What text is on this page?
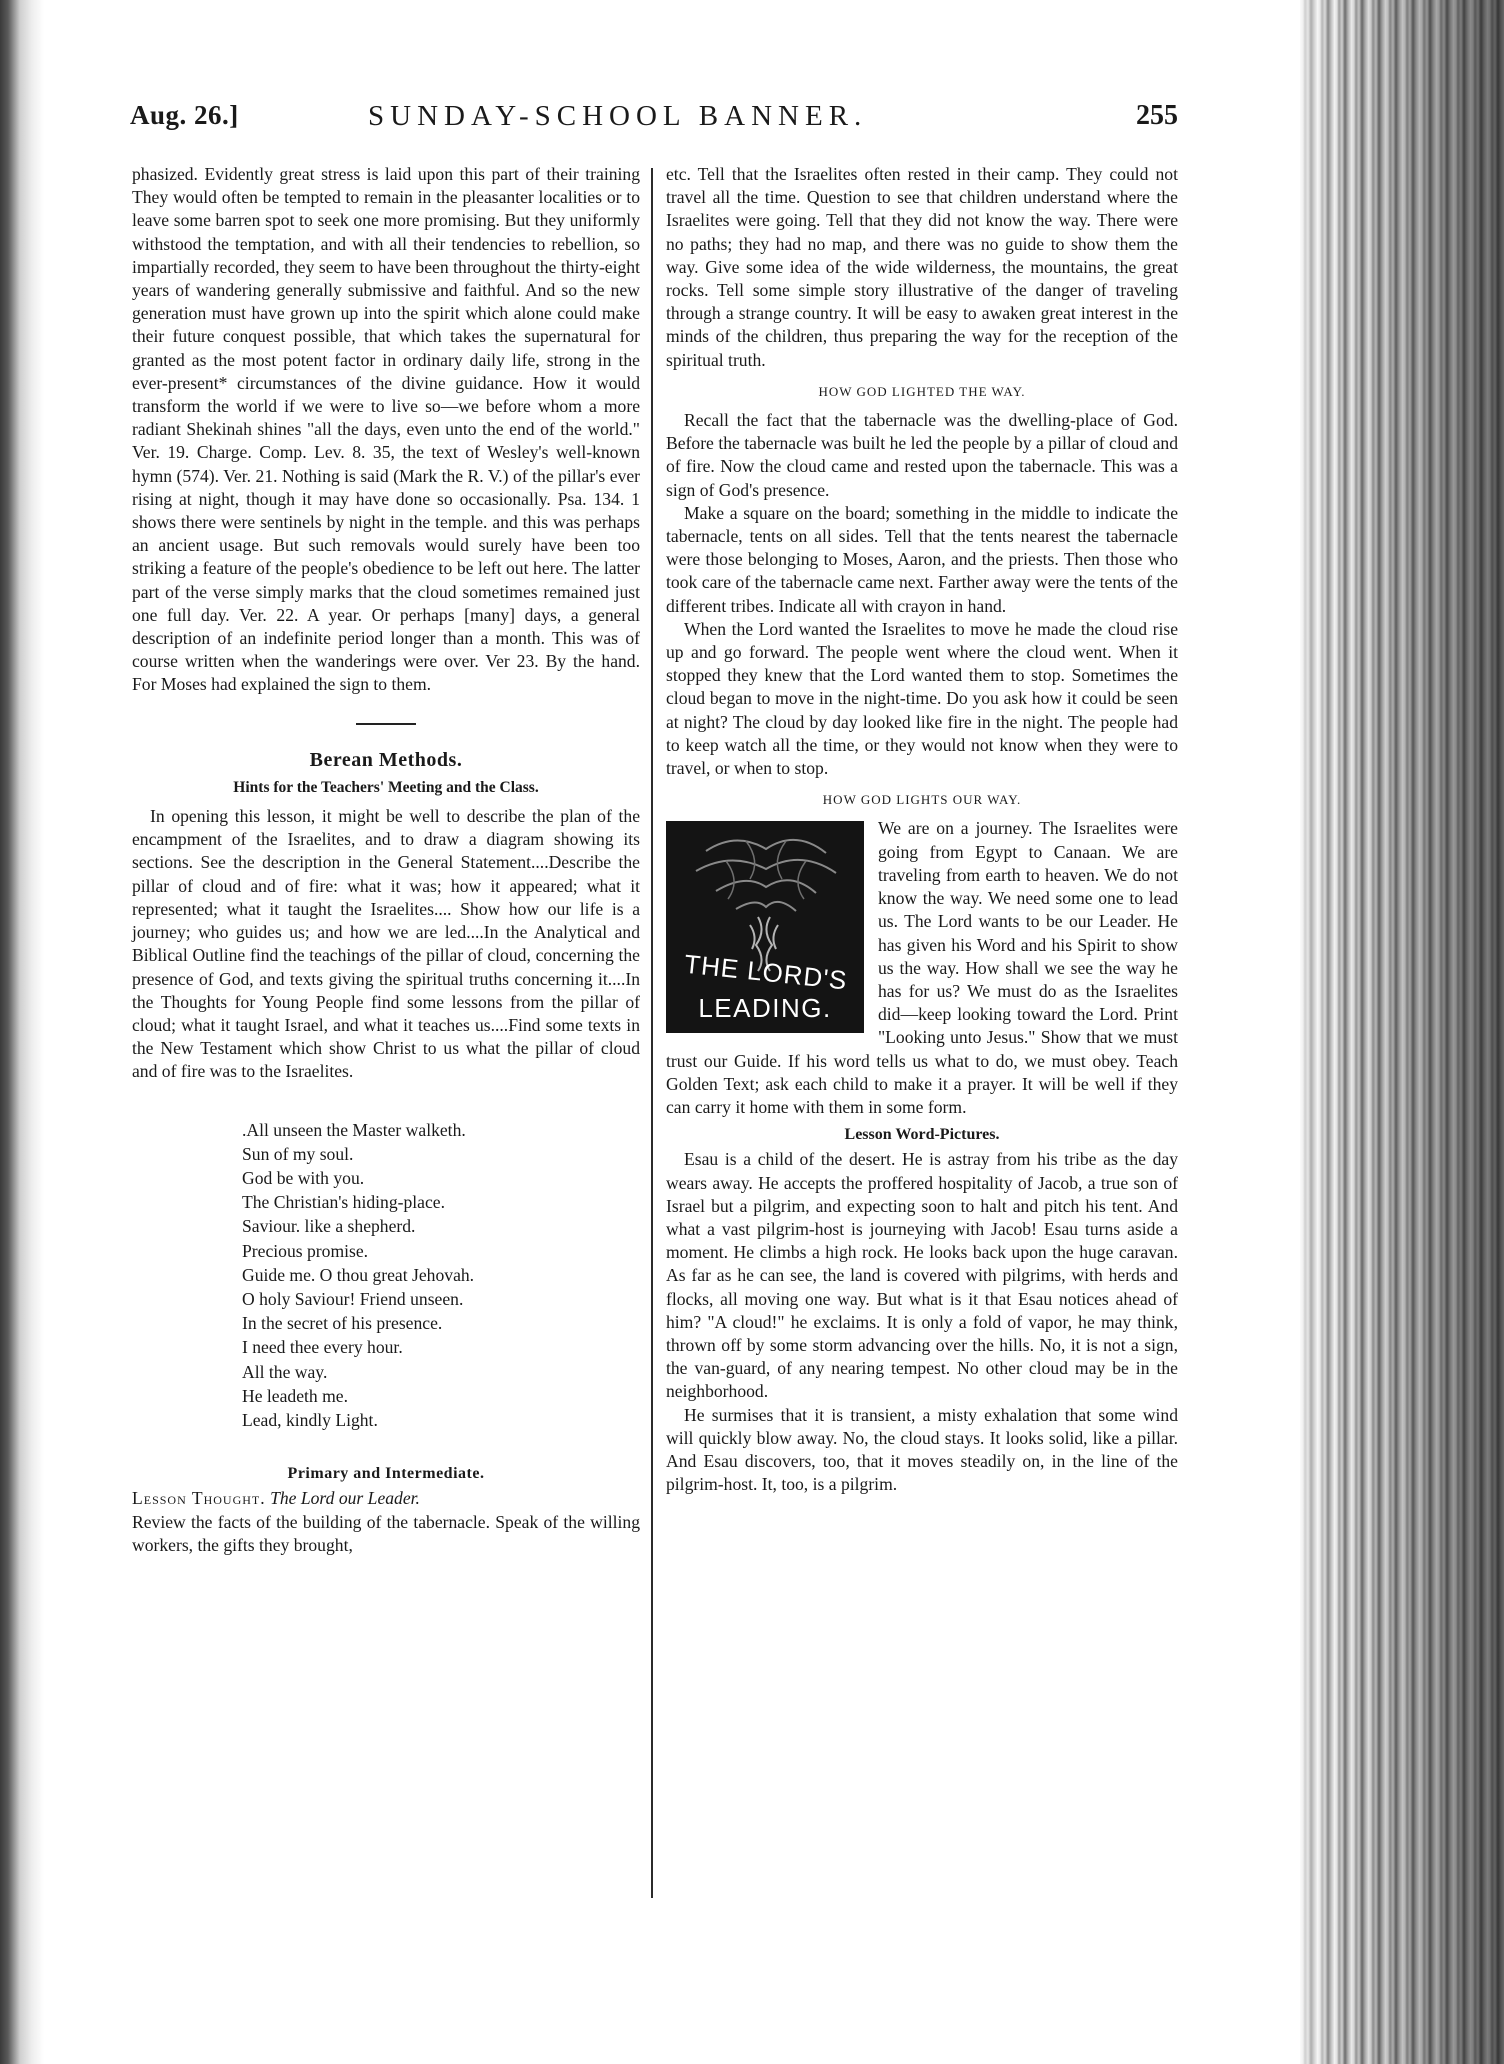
Aug. 26.]	SUNDAY-SCHOOL BANNER.	255

phasized. Evidently great stress is laid upon this part of their training They would often be tempted to remain in the pleasanter localities or to leave some barren spot to seek one more promising. But they uniformly withstood the temptation, and with all their tendencies to rebellion, so impartially recorded, they seem to have been throughout the thirty-eight years of wandering generally submissive and faithful. And so the new generation must have grown up into the spirit which alone could make their future conquest possible, that which takes the supernatural for granted as the most potent factor in ordinary daily life, strong in the ever-present* circumstances of the divine guidance. How it would transform the world if we were to live so—we before whom a more radiant Shekinah shines "all the days, even unto the end of the world." Ver. 19. Charge. Comp. Lev. 8. 35, the text of Wesley's well-known hymn (574). Ver. 21. Nothing is said (Mark the R. V.) of the pillar's ever rising at night, though it may have done so occasionally. Psa. 134. 1 shows there were sentinels by night in the temple. and this was perhaps an ancient usage. But such removals would surely have been too striking a feature of the people's obedience to be left out here. The latter part of the verse simply marks that the cloud sometimes remained just one full day. Ver. 22. A year. Or perhaps [many] days, a general description of an indefinite period longer than a month. This was of course written when the wanderings were over. Ver 23. By the hand. For Moses had explained the sign to them.

Berean Methods.
Hints for the Teachers' Meeting and the Class.

In opening this lesson, it might be well to describe the plan of the encampment of the Israelites, and to draw a diagram showing its sections. See the description in the General Statement....Describe the pillar of cloud and of fire: what it was; how it appeared; what it represented; what it taught the Israelites.... Show how our life is a journey; who guides us; and how we are led....In the Analytical and Biblical Outline find the teachings of the pillar of cloud, concerning the presence of God, and texts giving the spiritual truths concerning it....In the Thoughts for Young People find some lessons from the pillar of cloud; what it taught Israel, and what it teaches us....Find some texts in the New Testament which show Christ to us what the pillar of cloud and of fire was to the Israelites.

.All unseen the Master walketh.
Sun of my soul.
God be with you.
The Christian's hiding-place.
Saviour. like a shepherd.
Precious promise.
Guide me. O thou great Jehovah.
O holy Saviour! Friend unseen.
In the secret of his presence.
I need thee every hour.
All the way.
He leadeth me.
Lead, kindly Light.
Primary and Intermediate.

Lesson Thought. The Lord our Leader.

Review the facts of the building of the tabernacle. Speak of the willing workers, the gifts they brought,

etc. Tell that the Israelites often rested in their camp. They could not travel all the time. Question to see that children understand where the Israelites were going. Tell that they did not know the way. There were no paths; they had no map, and there was no guide to show them the way. Give some idea of the wide wilderness, the mountains, the great rocks. Tell some simple story illustrative of the danger of traveling through a strange country. It will be easy to awaken great interest in the minds of the children, thus preparing the way for the reception of the spiritual truth.

HOW GOD LIGHTED THE WAY.

Recall the fact that the tabernacle was the dwelling-place of God. Before the tabernacle was built he led the people by a pillar of cloud and of fire. Now the cloud came and rested upon the tabernacle. This was a sign of God's presence.

Make a square on the board; something in the middle to indicate the tabernacle, tents on all sides. Tell that the tents nearest the tabernacle were those belonging to Moses, Aaron, and the priests. Then those who took care of the tabernacle came next. Farther away were the tents of the different tribes. Indicate all with crayon in hand.

When the Lord wanted the Israelites to move he made the cloud rise up and go forward. The people went where the cloud went. When it stopped they knew that the Lord wanted them to stop. Sometimes the cloud began to move in the night-time. Do you ask how it could be seen at night? The cloud by day looked like fire in the night. The people had to keep watch all the time, or they would not know when they were to travel, or when to stop.

HOW GOD LIGHTS OUR WAY.
THE LORD'S
LEADING.

We are on a journey. The Israelites were going from Egypt to Canaan. We are traveling from earth to heaven. We do not know the way. We need some one to lead us. The Lord wants to be our Leader. He has given his Word and his Spirit to show us the way. How shall we see the way he has for us? We must do as the Israelites did—keep looking toward the Lord. Print "Looking unto Jesus." Show that we must trust our Guide. If his word tells us what to do, we must obey. Teach Golden Text; ask each child to make it a prayer. It will be well if they can carry it home with them in some form.

Lesson Word-Pictures.

Esau is a child of the desert. He is astray from his tribe as the day wears away. He accepts the proffered hospitality of Jacob, a true son of Israel but a pilgrim, and expecting soon to halt and pitch his tent. And what a vast pilgrim-host is journeying with Jacob! Esau turns aside a moment. He climbs a high rock. He looks back upon the huge caravan. As far as he can see, the land is covered with pilgrims, with herds and flocks, all moving one way. But what is it that Esau notices ahead of him? "A cloud!" he exclaims. It is only a fold of vapor, he may think, thrown off by some storm advancing over the hills. No, it is not a sign, the van-guard, of any nearing tempest. No other cloud may be in the neighborhood.

He surmises that it is transient, a misty exhalation that some wind will quickly blow away. No, the cloud stays. It looks solid, like a pillar. And Esau discovers, too, that it moves steadily on, in the line of the pilgrim-host. It, too, is a pilgrim.
